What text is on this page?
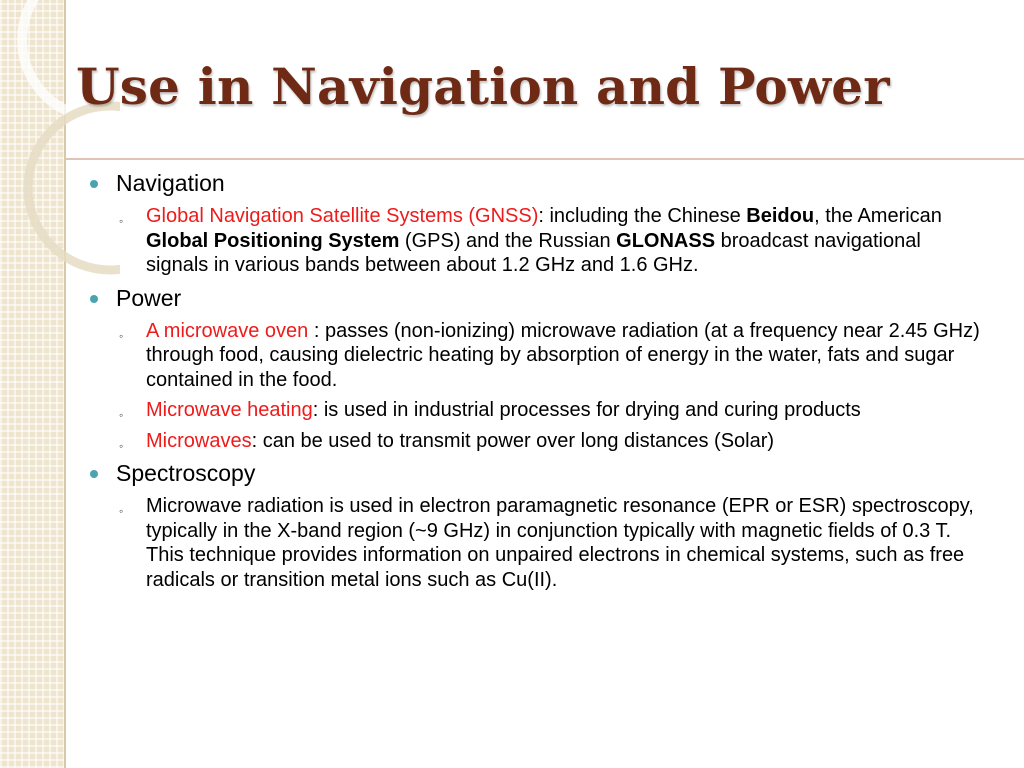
Use in Navigation and Power
Navigation
◦ Global Navigation Satellite Systems (GNSS): including the Chinese Beidou, the American Global Positioning System (GPS) and the Russian GLONASS broadcast navigational signals in various bands between about 1.2 GHz and 1.6 GHz.
Power
◦ A microwave oven : passes (non-ionizing) microwave radiation (at a frequency near 2.45 GHz) through food, causing dielectric heating by absorption of energy in the water, fats and sugar contained in the food.
◦ Microwave heating: is used in industrial processes for drying and curing products
◦ Microwaves: can be used to transmit power over long distances (Solar)
Spectroscopy
◦ Microwave radiation is used in electron paramagnetic resonance (EPR or ESR) spectroscopy, typically in the X-band region (~9 GHz) in conjunction typically with magnetic fields of 0.3 T. This technique provides information on unpaired electrons in chemical systems, such as free radicals or transition metal ions such as Cu(II).
